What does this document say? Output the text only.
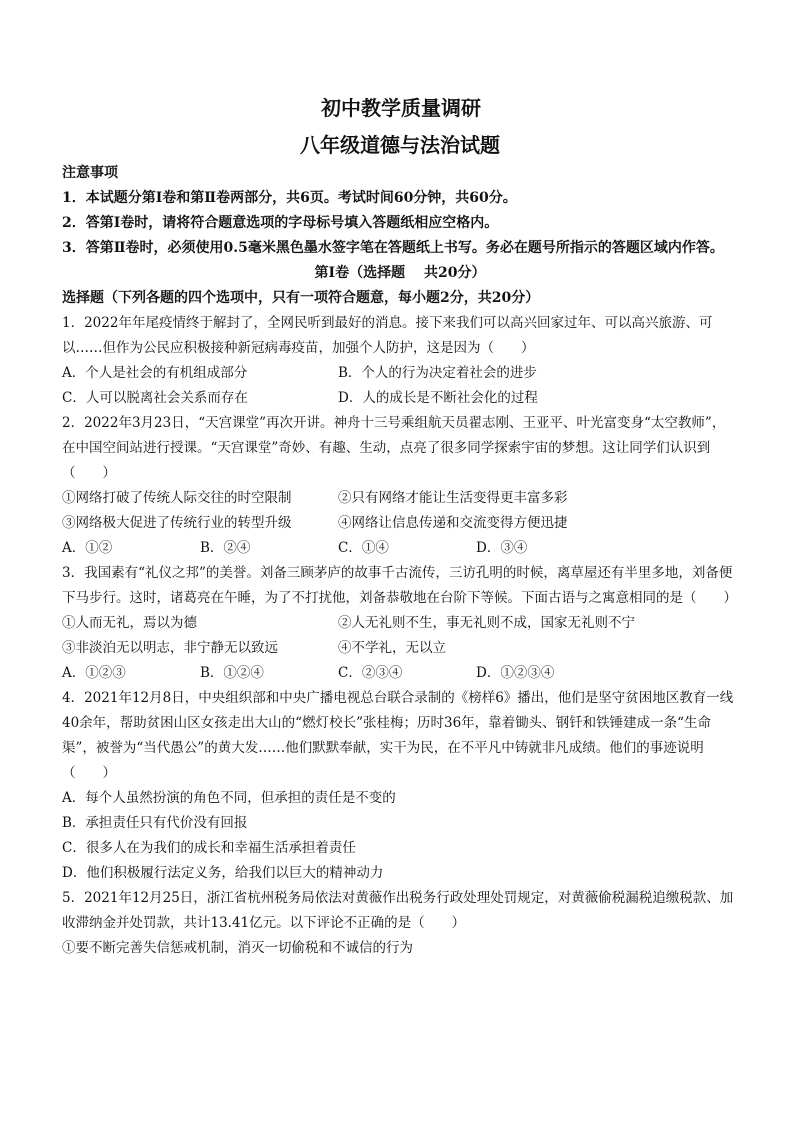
初中教学质量调研
八年级道德与法治试题
注意事项
1．本试题分第Ⅰ卷和第Ⅱ卷两部分，共6页。考试时间60分钟，共60分。
2．答第Ⅰ卷时，请将符合题意选项的字母标号填入答题纸相应空格内。
3．答第Ⅱ卷时，必须使用0.5毫米黑色墨水签字笔在答题纸上书写。务必在题号所指示的答题区域内作答。
第Ⅰ卷（选择题　 共20分）
选择题（下列各题的四个选项中，只有一项符合题意，每小题2分，共20分）
1．2022年年尾疫情终于解封了，全网民听到最好的消息。接下来我们可以高兴回家过年、可以高兴旅游、可以……但作为公民应积极接种新冠病毒疫苗，加强个人防护，这是因为（　　）
A．个人是社会的有机组成部分	B．个人的行为决定着社会的进步
C．人可以脱离社会关系而存在	D．人的成长是不断社会化的过程
2．2022年3月23日，“天宫课堂”再次开讲。神舟十三号乘组航天员翟志刚、王亚平、叶光富变身“太空教师”，在中国空间站进行授课。“天宫课堂”奇妙、有趣、生动，点亮了很多同学探索宇宙的梦想。这让同学们认识到（　　）
①网络打破了传统人际交往的时空限制	②只有网络才能让生活变得更丰富多彩
③网络极大促进了传统行业的转型升级	④网络让信息传递和交流变得方便迅捷
A．①②	B．②④	C．①④	D．③④
3．我国素有“礼仪之邦”的美誉。刘备三顾茅庐的故事千古流传，三访孔明的时候，离草屋还有半里多地，刘备便下马步行。这时，诸葛亮在午睡，为了不打扰他，刘备恭敬地在台阶下等候。下面古语与之寓意相同的是（　　）
①人而无礼，焉以为德	②人无礼则不生，事无礼则不成，国家无礼则不宁
③非淡泊无以明志，非宁静无以致远	④不学礼，无以立
A．①②③	B．①②④	C．②③④	D．①②③④
4．2021年12月8日，中央组织部和中央广播电视总台联合录制的《榜样6》播出，他们是坚守贫困地区教育一线40余年，帮助贫困山区女孩走出大山的“燃灯校长”张桂梅；历时36年，靠着锄头、钢钎和铁锤建成一条“生命渠”，被誉为“当代愚公”的黄大发……他们默默奉献，实干为民，在不平凡中铸就非凡成绩。他们的事迹说明（　　）
A．每个人虽然扮演的角色不同，但承担的责任是不变的
B．承担责任只有代价没有回报
C．很多人在为我们的成长和幸福生活承担着责任
D．他们积极履行法定义务，给我们以巨大的精神动力
5．2021年12月25日，浙江省杭州税务局依法对黄薇作出税务行政处理处罚规定，对黄薇偷税漏税追缴税款、加收滞纳金并处罚款，共计13.41亿元。以下评论不正确的是（　　）
①要不断完善失信惩戒机制，消灭一切偷税和不诚信的行为
